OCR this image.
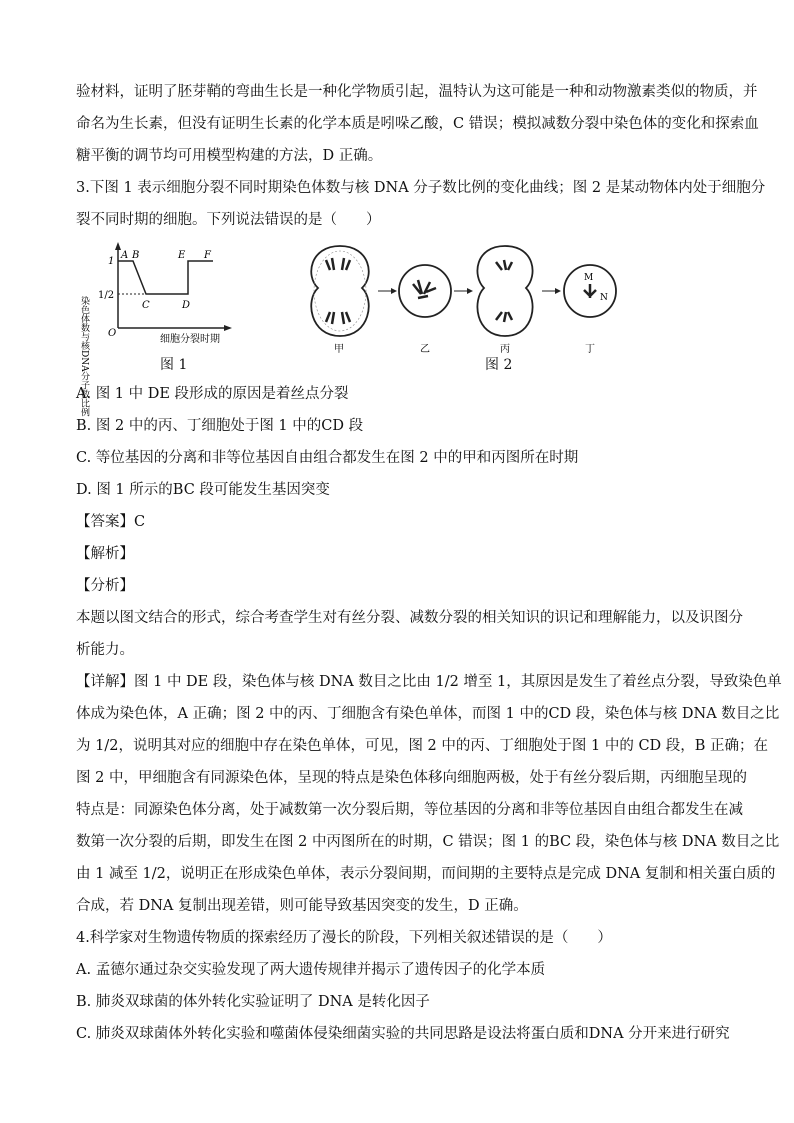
验材料，证明了胚芽鞘的弯曲生长是一种化学物质引起，温特认为这可能是一种和动物激素类似的物质，并
命名为生长素，但没有证明生长素的化学本质是吲哚乙酸，C 错误；模拟减数分裂中染色体的变化和探索血
糖平衡的调节均可用模型构建的方法，D 正确。
3.下图 1 表示细胞分裂不同时期染色体数与核 DNA 分子数比例的变化曲线；图 2 是某动物体内处于细胞分
裂不同时期的细胞。下列说法错误的是（　　）
染色体数与核DNA分子数比例
1
1/2
O
A B
C	D
E F
细胞分裂时期
图 1
M
N
甲	乙	丙	丁
图 2
A. 图 1 中 DE 段形成的原因是着丝点分裂
B. 图 2 中的丙、丁细胞处于图 1 中的CD 段
C. 等位基因的分离和非等位基因自由组合都发生在图 2 中的甲和丙图所在时期
D. 图 1 所示的BC 段可能发生基因突变
【答案】C
【解析】
【分析】
本题以图文结合的形式，综合考查学生对有丝分裂、减数分裂的相关知识的识记和理解能力，以及识图分
析能力。
【详解】图 1 中 DE 段，染色体与核 DNA 数目之比由 1/2 增至 1，其原因是发生了着丝点分裂，导致染色单
体成为染色体，A 正确；图 2 中的丙、丁细胞含有染色单体，而图 1 中的CD 段，染色体与核 DNA 数目之比
为 1/2，说明其对应的细胞中存在染色单体，可见，图 2 中的丙、丁细胞处于图 1 中的 CD 段，B 正确；在
图 2 中，甲细胞含有同源染色体，呈现的特点是染色体移向细胞两极，处于有丝分裂后期，丙细胞呈现的
特点是：同源染色体分离，处于减数第一次分裂后期，等位基因的分离和非等位基因自由组合都发生在减
数第一次分裂的后期，即发生在图 2 中丙图所在的时期，C 错误；图 1 的BC 段，染色体与核 DNA 数目之比
由 1 减至 1/2，说明正在形成染色单体，表示分裂间期，而间期的主要特点是完成 DNA 复制和相关蛋白质的
合成，若 DNA 复制出现差错，则可能导致基因突变的发生，D 正确。
4.科学家对生物遗传物质的探索经历了漫长的阶段，下列相关叙述错误的是（　　）
A. 孟德尔通过杂交实验发现了两大遗传规律并揭示了遗传因子的化学本质
B. 肺炎双球菌的体外转化实验证明了 DNA 是转化因子
C. 肺炎双球菌体外转化实验和噬菌体侵染细菌实验的共同思路是设法将蛋白质和DNA 分开来进行研究
